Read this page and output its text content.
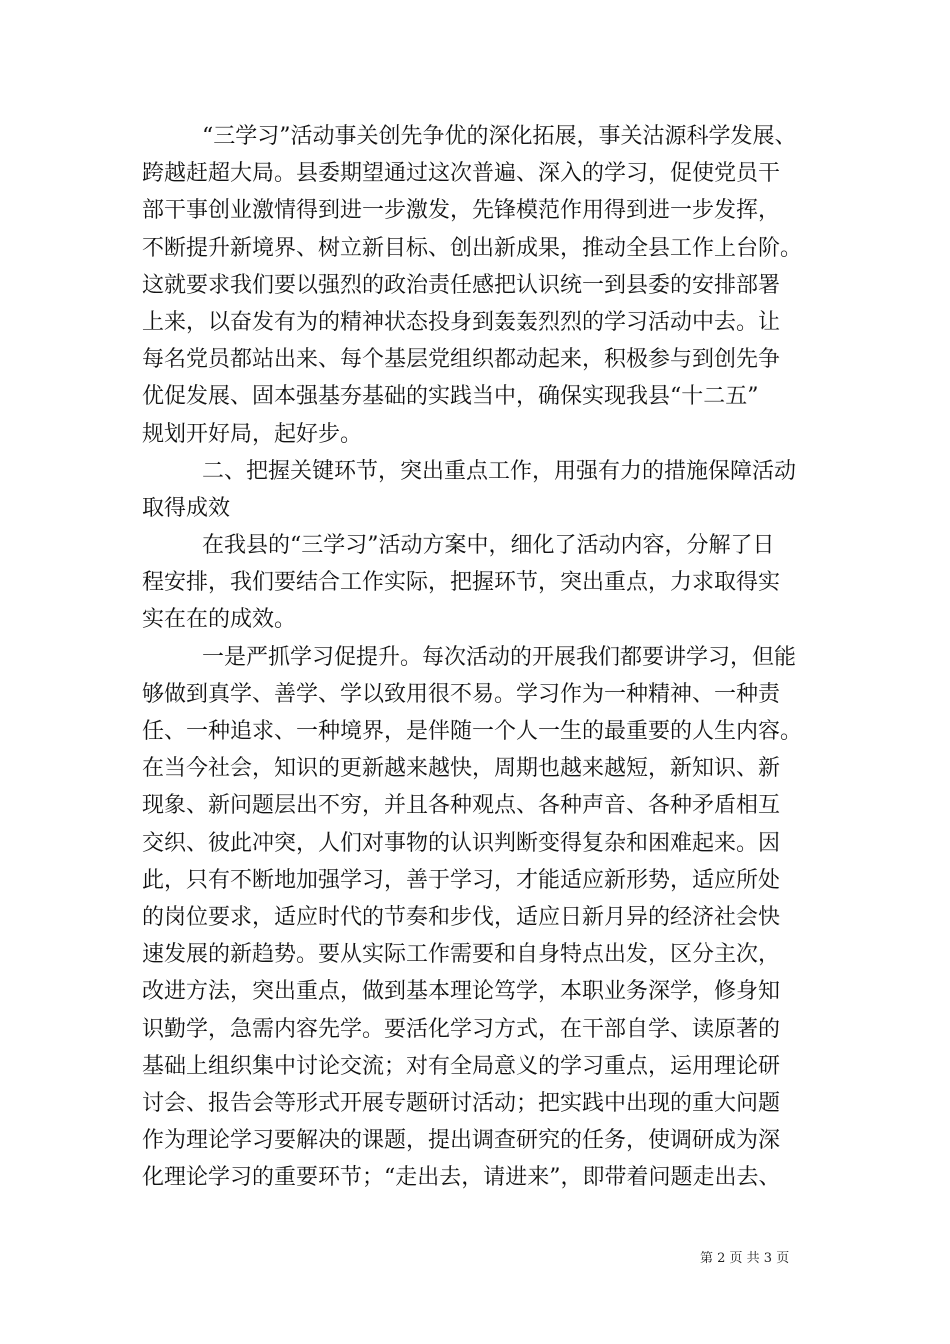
“三学习”活动事关创先争优的深化拓展，事关沽源科学发展、
跨越赶超大局。县委期望通过这次普遍、深入的学习，促使党员干
部干事创业激情得到进一步激发，先锋模范作用得到进一步发挥，
不断提升新境界、树立新目标、创出新成果，推动全县工作上台阶。
这就要求我们要以强烈的政治责任感把认识统一到县委的安排部署
上来，以奋发有为的精神状态投身到轰轰烈烈的学习活动中去。让
每名党员都站出来、每个基层党组织都动起来，积极参与到创先争
优促发展、固本强基夯基础的实践当中，确保实现我县“十二五”
规划开好局，起好步。
二、把握关键环节，突出重点工作，用强有力的措施保障活动
取得成效
在我县的“三学习”活动方案中，细化了活动内容，分解了日
程安排，我们要结合工作实际，把握环节，突出重点，力求取得实
实在在的成效。
一是严抓学习促提升。每次活动的开展我们都要讲学习，但能
够做到真学、善学、学以致用很不易。学习作为一种精神、一种责
任、一种追求、一种境界，是伴随一个人一生的最重要的人生内容。
在当今社会，知识的更新越来越快，周期也越来越短，新知识、新
现象、新问题层出不穷，并且各种观点、各种声音、各种矛盾相互
交织、彼此冲突，人们对事物的认识判断变得复杂和困难起来。因
此，只有不断地加强学习，善于学习，才能适应新形势，适应所处
的岗位要求，适应时代的节奏和步伐，适应日新月异的经济社会快
速发展的新趋势。要从实际工作需要和自身特点出发，区分主次，
改进方法，突出重点，做到基本理论笃学，本职业务深学，修身知
识勤学，急需内容先学。要活化学习方式，在干部自学、读原著的
基础上组织集中讨论交流；对有全局意义的学习重点，运用理论研
讨会、报告会等形式开展专题研讨活动；把实践中出现的重大问题
作为理论学习要解决的课题，提出调查研究的任务，使调研成为深
化理论学习的重要环节；“走出去，请进来”，即带着问题走出去、
第 2 页 共 3 页
